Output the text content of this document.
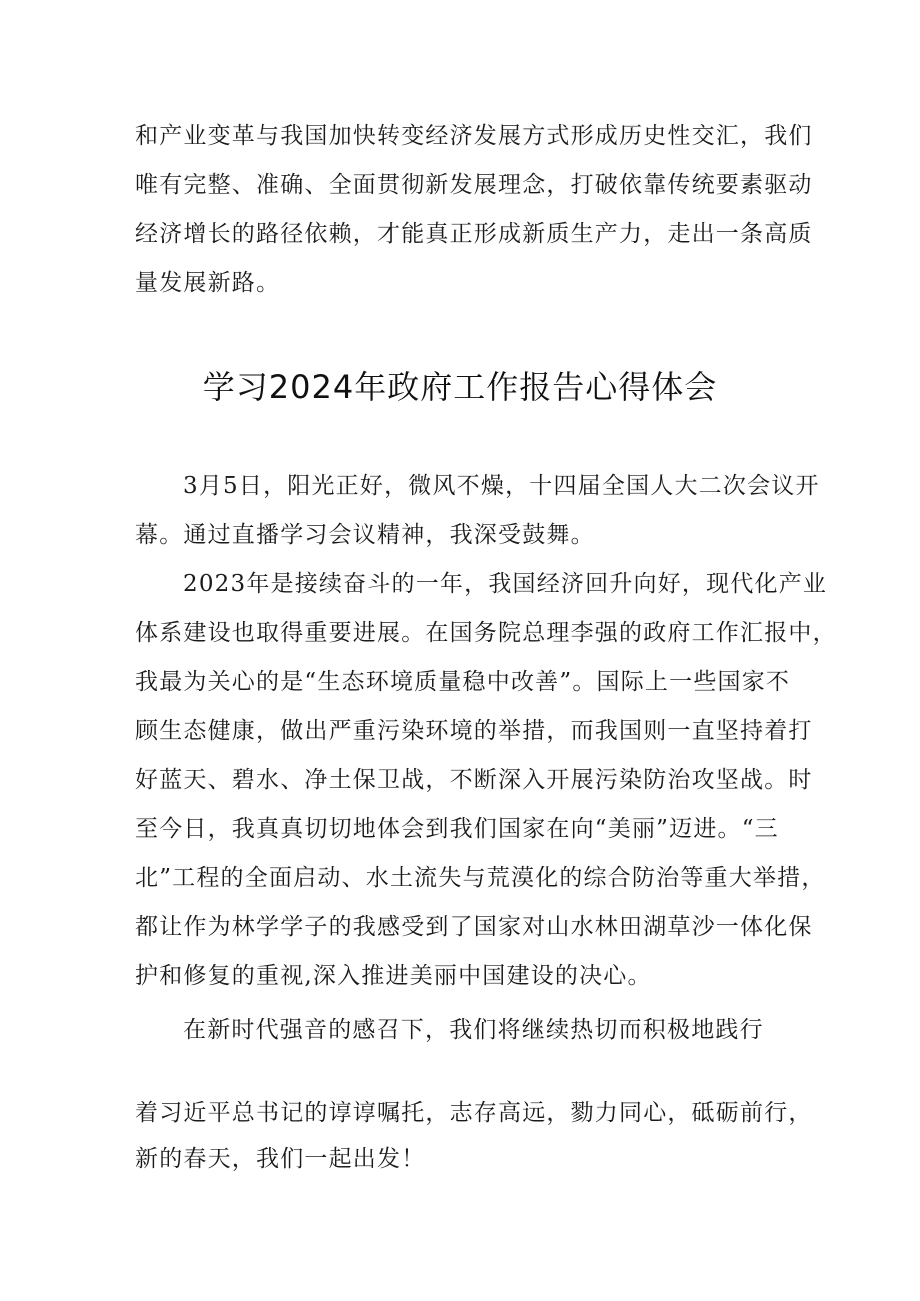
和产业变革与我国加快转变经济发展方式形成历史性交汇，我们
唯有完整、准确、全面贯彻新发展理念，打破依靠传统要素驱动
经济增长的路径依赖，才能真正形成新质生产力，走出一条高质
量发展新路。
学习2024年政府工作报告心得体会
3月5日，阳光正好，微风不燥，十四届全国人大二次会议开
幕。通过直播学习会议精神，我深受鼓舞。
2023年是接续奋斗的一年，我国经济回升向好，现代化产业
体系建设也取得重要进展。在国务院总理李强的政府工作汇报中，
我最为关心的是“生态环境质量稳中改善”。国际上一些国家不
顾生态健康，做出严重污染环境的举措，而我国则一直坚持着打
好蓝天、碧水、净土保卫战，不断深入开展污染防治攻坚战。时
至今日，我真真切切地体会到我们国家在向“美丽”迈进。“三
北”工程的全面启动、水土流失与荒漠化的综合防治等重大举措，
都让作为林学学子的我感受到了国家对山水林田湖草沙一体化保
护和修复的重视,深入推进美丽中国建设的决心。
在新时代强音的感召下，我们将继续热切而积极地践行
着习近平总书记的谆谆嘱托，志存高远，勠力同心，砥砺前行，
新的春天，我们一起出发！
